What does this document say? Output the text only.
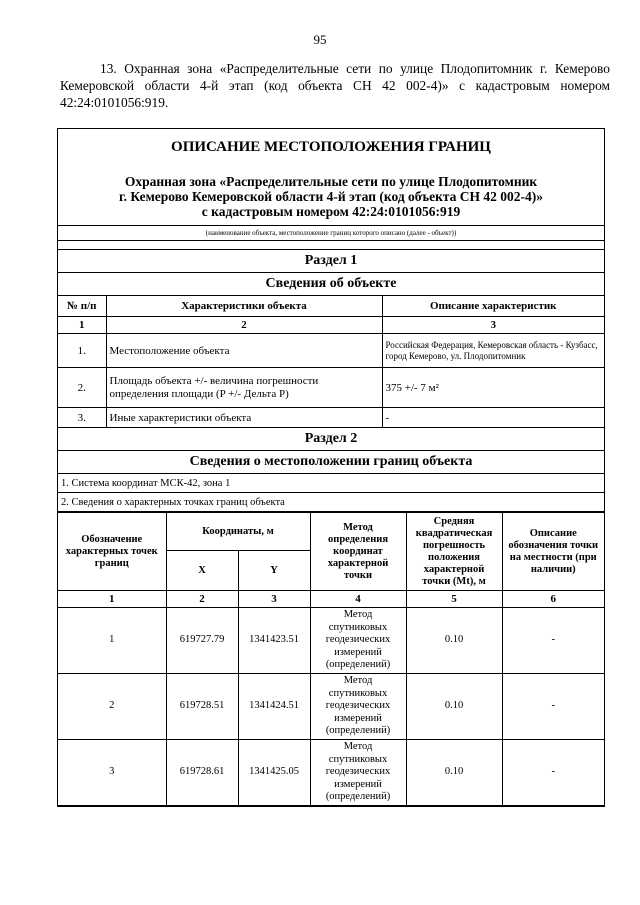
95
13. Охранная зона «Распределительные сети по улице Плодопитомник г. Кемерово Кемеровской области 4-й этап (код объекта СН 42 002-4)» с кадастровым номером 42:24:0101056:919.
ОПИСАНИЕ МЕСТОПОЛОЖЕНИЯ ГРАНИЦ
Охранная зона «Распределительные сети по улице Плодопитомник
г. Кемерово Кемеровской области 4-й этап (код объекта СН 42 002-4)»
с кадастровым номером 42:24:0101056:919		

(наименование объекта, местоположение границ которого описано (далее - объект))		

Раздел 1		
Сведения об объекте		
№ п/п	Характеристики объекта	Описание характеристик
1	2	3
1.	Местоположение объекта	Российская Федерация, Кемеровская область - Кузбасс, город Кемерово, ул. Плодопитомник
2.	Площадь объекта +/- величина погрешности определения площади (P +/- Дельта P)	375 +/- 7 м²
3.	Иные характеристики объекта	-
Раздел 2		
Сведения о местоположении границ объекта		
1. Система координат МСК-42, зона 1		
2. Сведения о характерных точках границ объекта		
Обозначение характерных точек границ	Координаты, м		Метод определения координат характерной точки	Средняя квадратическая погрешность положения характерной точки (Mt), м	Описание обозначения точки на местности (при наличии)
	X	Y			
1	2	3	4	5	6
1	619727.79	1341423.51	Метод спутниковых геодезических измерений (определений)	0.10	-
2	619728.51	1341424.51	Метод спутниковых геодезических измерений (определений)	0.10	-
3	619728.61	1341425.05	Метод спутниковых геодезических измерений (определений)	0.10	-
